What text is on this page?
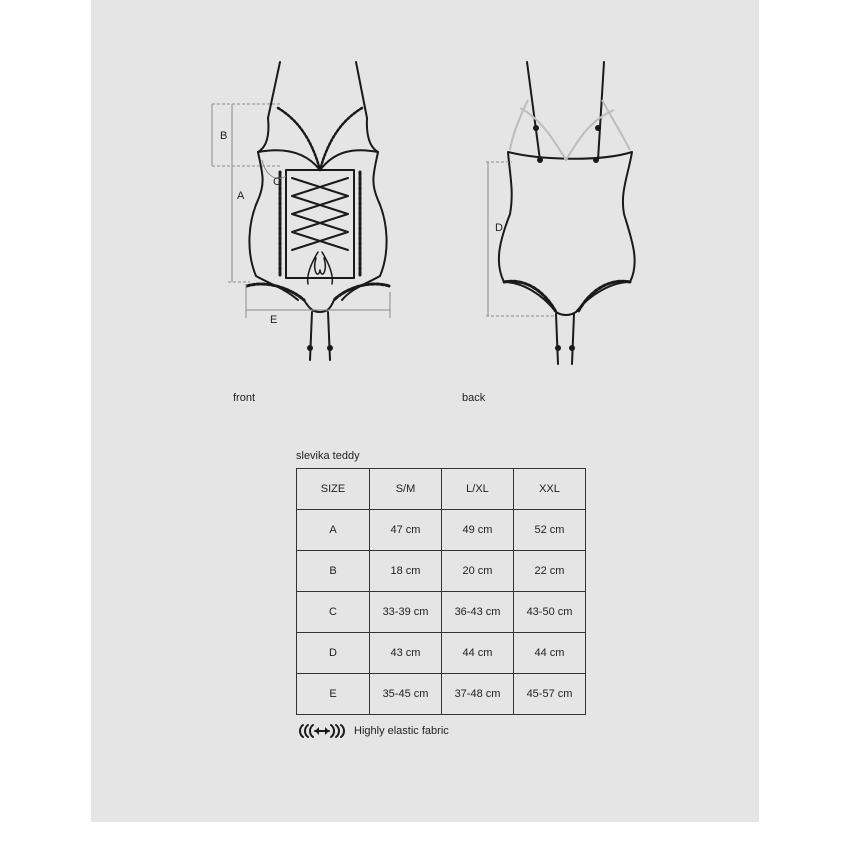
B
A
C
E
D
front	back
slevika teddy
SIZE	S/M	L/XL	XXL
A	47 cm	49 cm	52 cm
B	18 cm	20 cm	22 cm
C	33-39 cm	36-43 cm	43-50 cm
D	43 cm	44 cm	44 cm
E	35-45 cm	37-48 cm	45-57 cm
Highly elastic fabric
